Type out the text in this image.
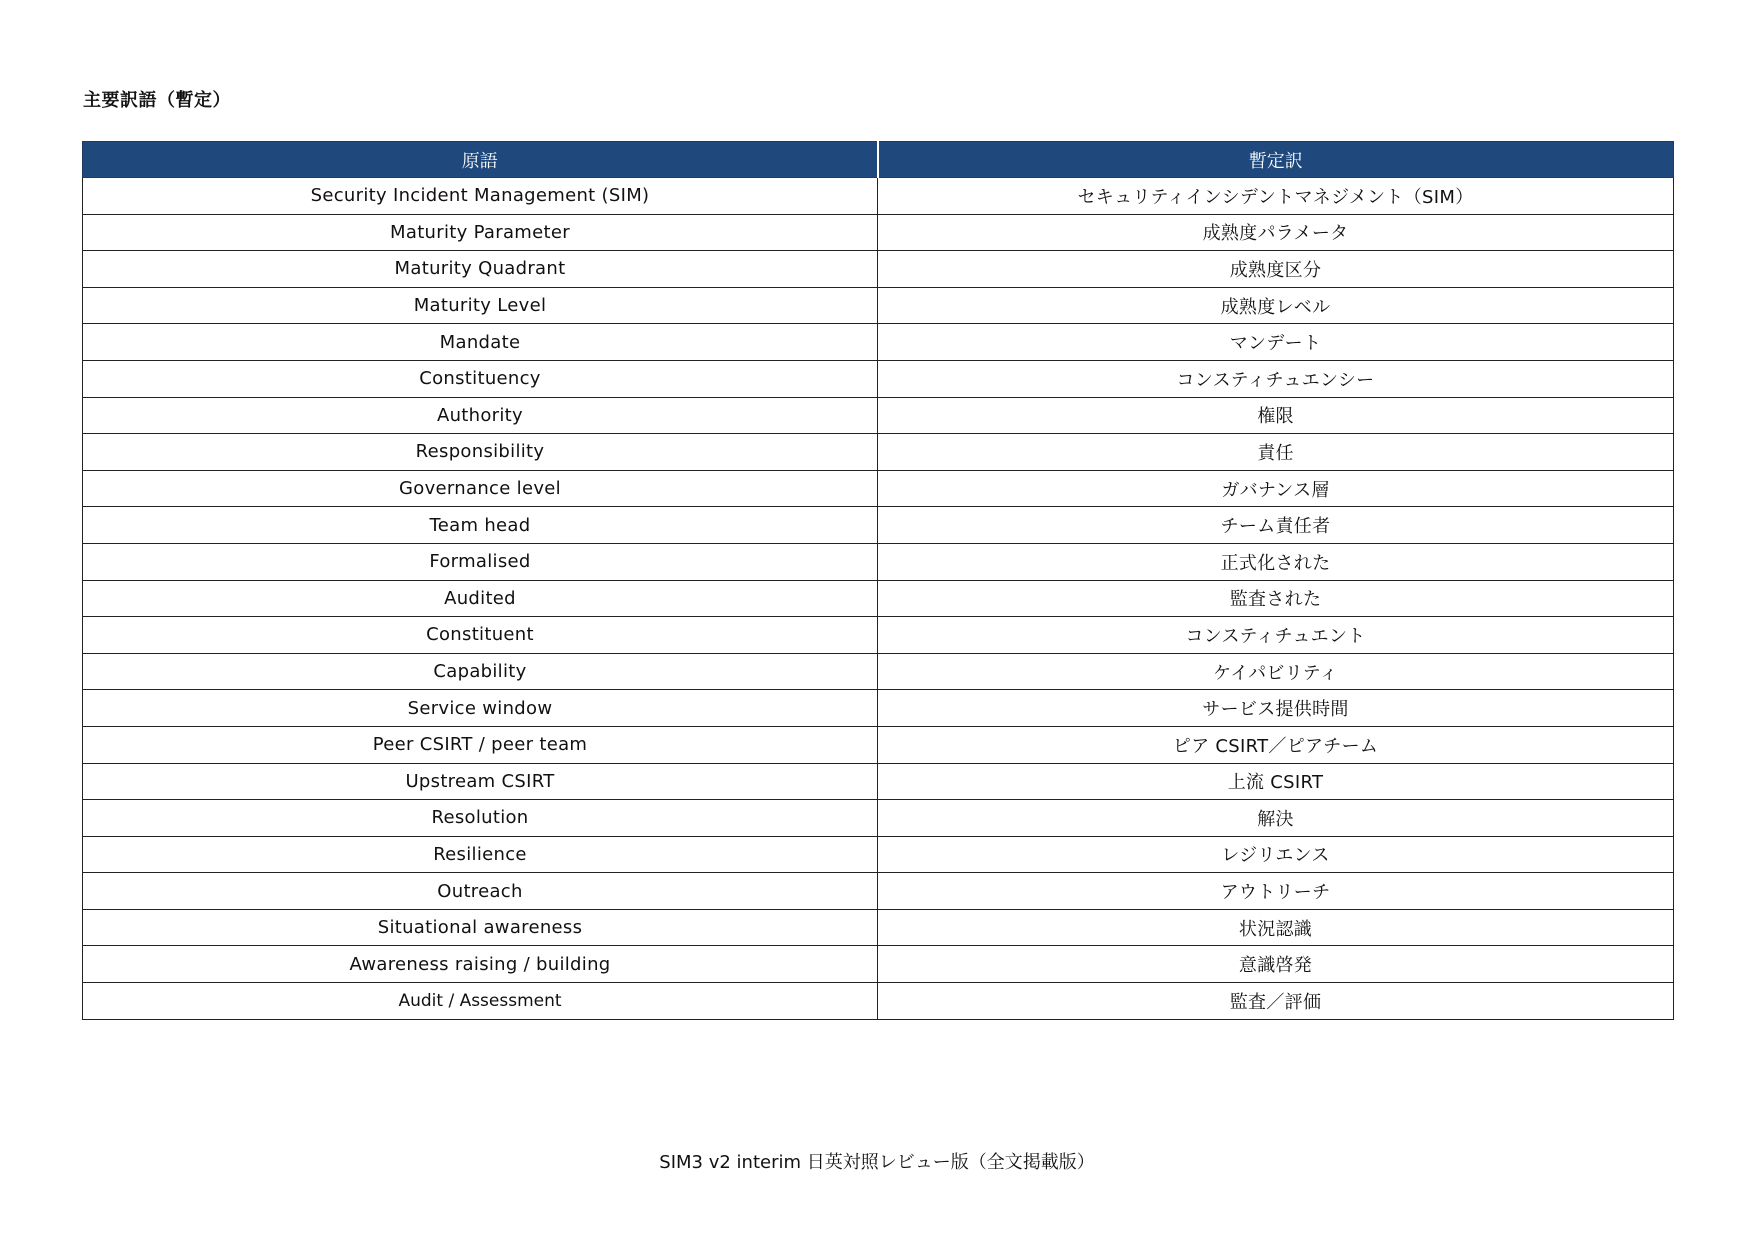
主要訳語（暫定）
原語	暫定訳
Security Incident Management (SIM)	セキュリティインシデントマネジメント（SIM）
Maturity Parameter	成熟度パラメータ
Maturity Quadrant	成熟度区分
Maturity Level	成熟度レベル
Mandate	マンデート
Constituency	コンスティチュエンシー
Authority	権限
Responsibility	責任
Governance level	ガバナンス層
Team head	チーム責任者
Formalised	正式化された
Audited	監査された
Constituent	コンスティチュエント
Capability	ケイパビリティ
Service window	サービス提供時間
Peer CSIRT / peer team	ピア CSIRT／ピアチーム
Upstream CSIRT	上流 CSIRT
Resolution	解決
Resilience	レジリエンス
Outreach	アウトリーチ
Situational awareness	状況認識
Awareness raising / building	意識啓発
Audit / Assessment	監査／評価

SIM3 v2 interim 日英対照レビュー版（全文掲載版）
